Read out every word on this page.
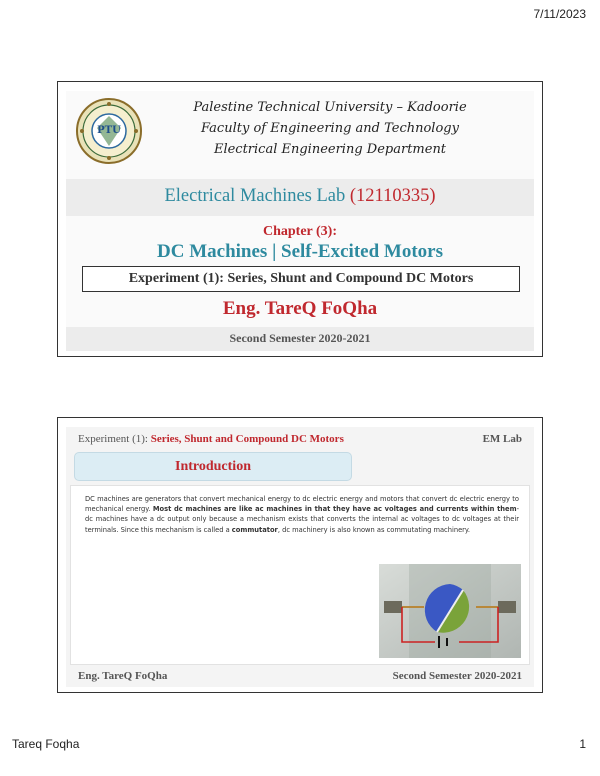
7/11/2023
PTU
Palestine Technical University – Kadoorie
Faculty of Engineering and Technology
Electrical Engineering Department
Electrical Machines Lab (12110335)
Chapter (3):
DC Machines | Self-Excited Motors
Experiment (1): Series, Shunt and Compound DC Motors
Eng. TareQ FoQha
Second Semester 2020-2021
Experiment (1): Series, Shunt and Compound DC Motors	EM Lab
Introduction

DC machines are generators that convert mechanical energy to dc electric energy and motors that convert dc electric energy to mechanical energy. Most dc machines are like ac machines in that they have ac voltages and currents within them-dc machines have a dc output only because a mechanism exists that converts the internal ac voltages to dc voltages at their terminals. Since this mechanism is called a commutator, dc machinery is also known as commutating machinery.

Eng. TareQ FoQha	Second Semester 2020-2021
Tareq Foqha	1
